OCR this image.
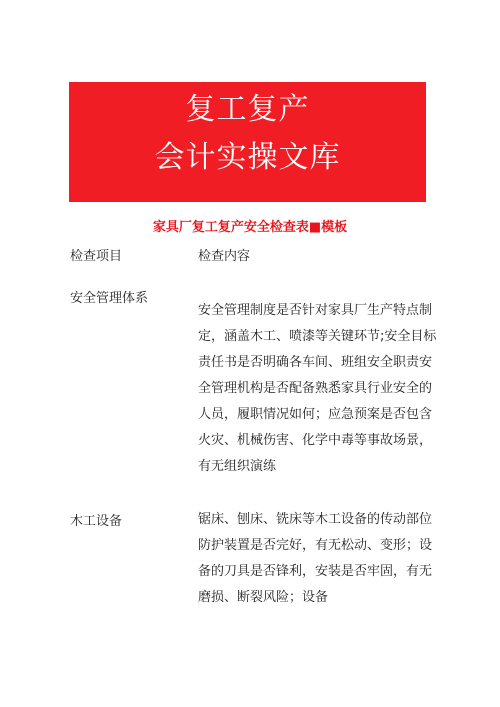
复工复产
会计实操文库
家具厂复工复产安全检查表■模板
检查项目	检查内容
安全管理体系
安全管理制度是否针对家具厂生产特点制定，涵盖木工、喷漆等关键环节;安全目标责任书是否明确各车间、班组安全职责安全管理机构是否配备熟悉家具行业安全的人员，履职情况如何；应急预案是否包含火灾、机械伤害、化学中毒等事故场景，有无组织演练
木工设备	锯床、刨床、铣床等木工设备的传动部位防护装置是否完好，有无松动、变形；设备的刀具是否锋利，安装是否牢固，有无磨损、断裂风险；设备
